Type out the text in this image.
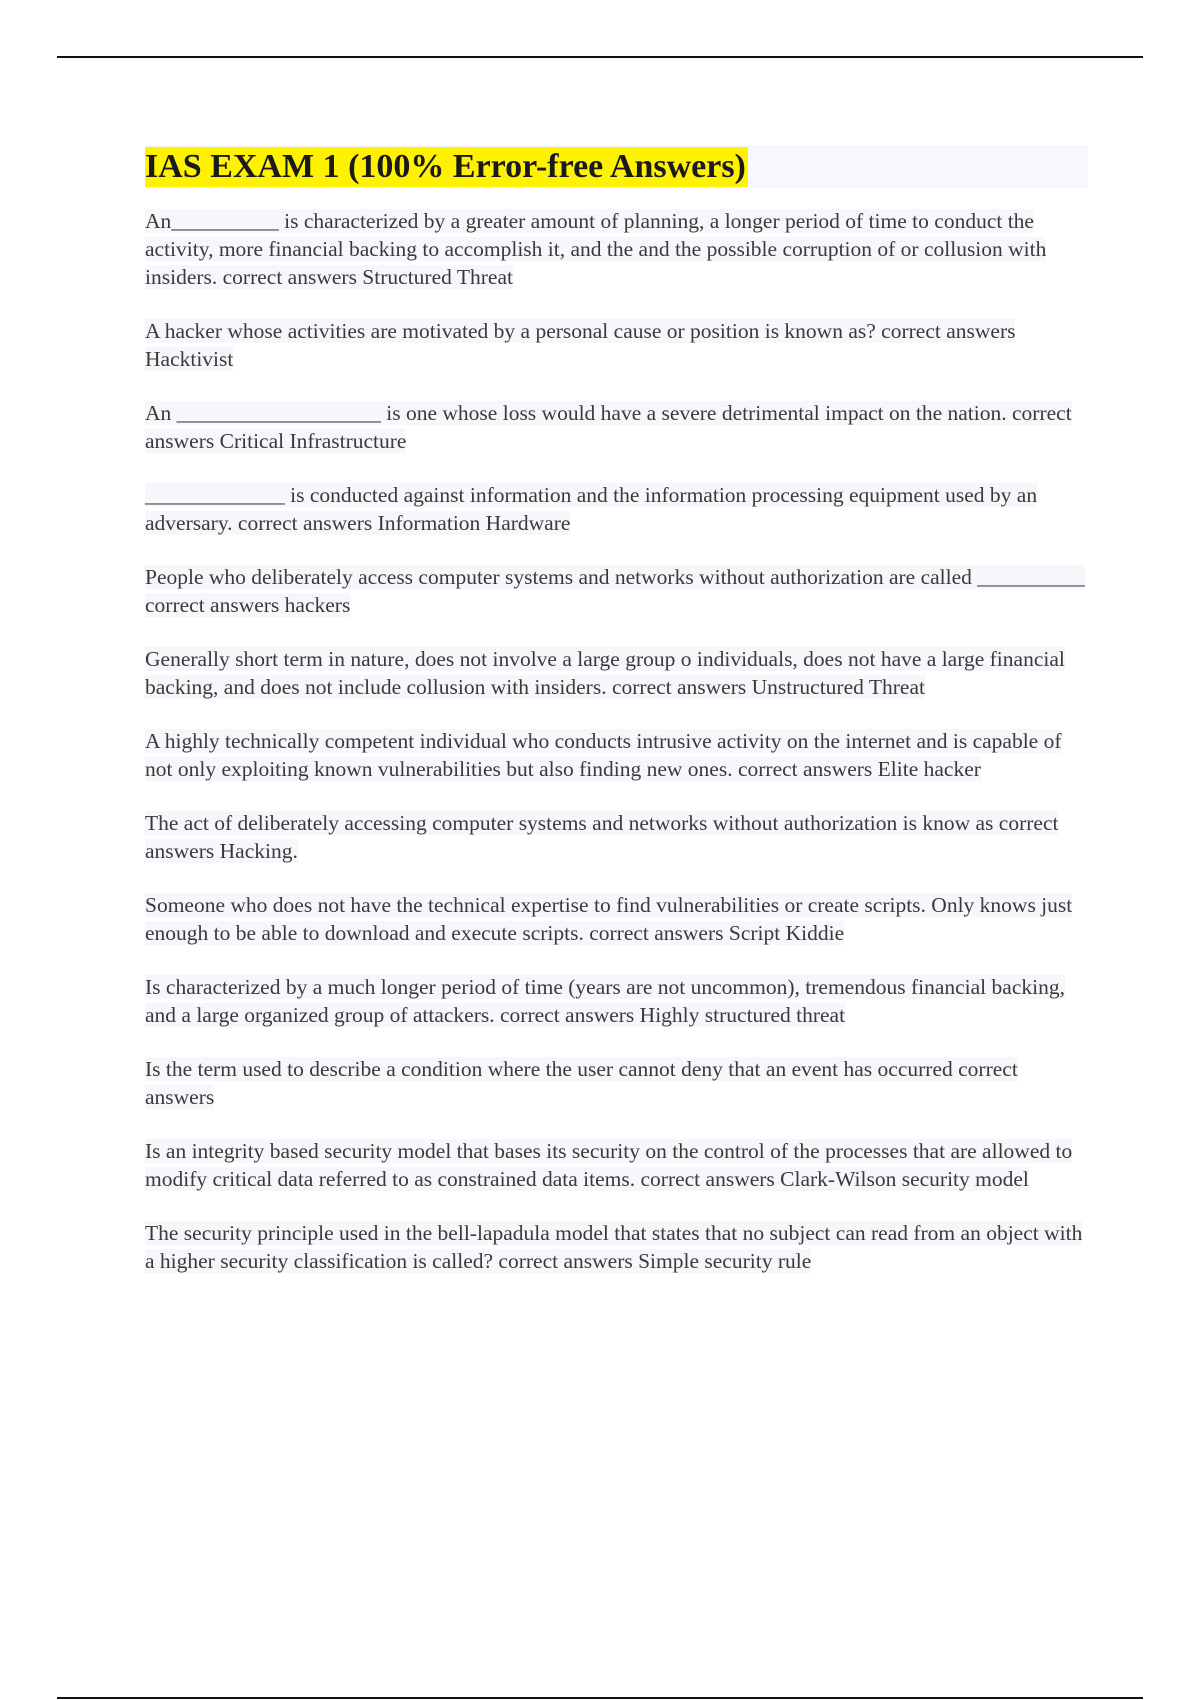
IAS EXAM 1 (100% Error-free Answers)

An__________ is characterized by a greater amount of planning, a longer period of time to conduct the activity, more financial backing to accomplish it, and the and the possible corruption of or collusion with insiders. correct answers Structured Threat

A hacker whose activities are motivated by a personal cause or position is known as? correct answers Hacktivist

An ___________________ is one whose loss would have a severe detrimental impact on the nation. correct answers Critical Infrastructure

_____________ is conducted against information and the information processing equipment used by an adversary. correct answers Information Hardware

People who deliberately access computer systems and networks without authorization are called __________ correct answers hackers

Generally short term in nature, does not involve a large group o individuals, does not have a large financial backing, and does not include collusion with insiders. correct answers Unstructured Threat

A highly technically competent individual who conducts intrusive activity on the internet and is capable of not only exploiting known vulnerabilities but also finding new ones. correct answers Elite hacker

The act of deliberately accessing computer systems and networks without authorization is know as correct answers Hacking.

Someone who does not have the technical expertise to find vulnerabilities or create scripts. Only knows just enough to be able to download and execute scripts. correct answers Script Kiddie

Is characterized by a much longer period of time (years are not uncommon), tremendous financial backing, and a large organized group of attackers. correct answers Highly structured threat

Is the term used to describe a condition where the user cannot deny that an event has occurred correct answers

Is an integrity based security model that bases its security on the control of the processes that are allowed to modify critical data referred to as constrained data items. correct answers Clark-Wilson security model

The security principle used in the bell-lapadula model that states that no subject can read from an object with a higher security classification is called? correct answers Simple security rule
